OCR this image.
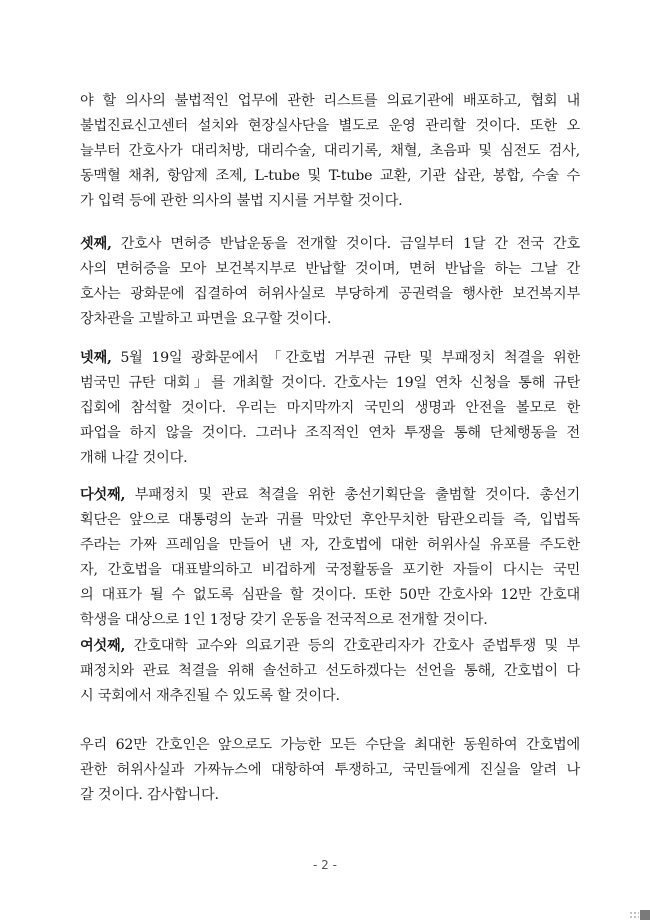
야 할 의사의 불법적인 업무에 관한 리스트를 의료기관에 배포하고, 협회 내
불법진료신고센터 설치와 현장실사단을 별도로 운영 관리할 것이다. 또한 오
늘부터 간호사가 대리처방, 대리수술, 대리기록, 채혈, 초음파 및 심전도 검사,
동맥혈 채취, 항암제 조제, L-tube 및 T-tube 교환, 기관 삽관, 봉합, 수술 수
가 입력 등에 관한 의사의 불법 지시를 거부할 것이다.
셋째, 간호사 면허증 반납운동을 전개할 것이다. 금일부터 1달 간 전국 간호
사의 면허증을 모아 보건복지부로 반납할 것이며, 면허 반납을 하는 그날 간
호사는 광화문에 집결하여 허위사실로 부당하게 공권력을 행사한 보건복지부
장차관을 고발하고 파면을 요구할 것이다.
넷째, 5월 19일 광화문에서 「간호법 거부권 규탄 및 부패정치 척결을 위한
범국민 규탄 대회」를 개최할 것이다. 간호사는 19일 연차 신청을 통해 규탄
집회에 참석할 것이다. 우리는 마지막까지 국민의 생명과 안전을 볼모로 한
파업을 하지 않을 것이다. 그러나 조직적인 연차 투쟁을 통해 단체행동을 전
개해 나갈 것이다.
다섯째, 부패정치 및 관료 척결을 위한 총선기획단을 출범할 것이다. 총선기
획단은 앞으로 대통령의 눈과 귀를 막았던 후안무치한 탐관오리들 즉, 입법독
주라는 가짜 프레임을 만들어 낸 자, 간호법에 대한 허위사실 유포를 주도한
자, 간호법을 대표발의하고 비겁하게 국정활동을 포기한 자들이 다시는 국민
의 대표가 될 수 없도록 심판을 할 것이다. 또한 50만 간호사와 12만 간호대
학생을 대상으로 1인 1정당 갖기 운동을 전국적으로 전개할 것이다.
여섯째, 간호대학 교수와 의료기관 등의 간호관리자가 간호사 준법투쟁 및 부
패정치와 관료 척결을 위해 솔선하고 선도하겠다는 선언을 통해, 간호법이 다
시 국회에서 재추진될 수 있도록 할 것이다.
우리 62만 간호인은 앞으로도 가능한 모든 수단을 최대한 동원하여 간호법에
관한 허위사실과 가짜뉴스에 대항하여 투쟁하고, 국민들에게 진실을 알려 나
갈 것이다. 감사합니다.
- 2 -
